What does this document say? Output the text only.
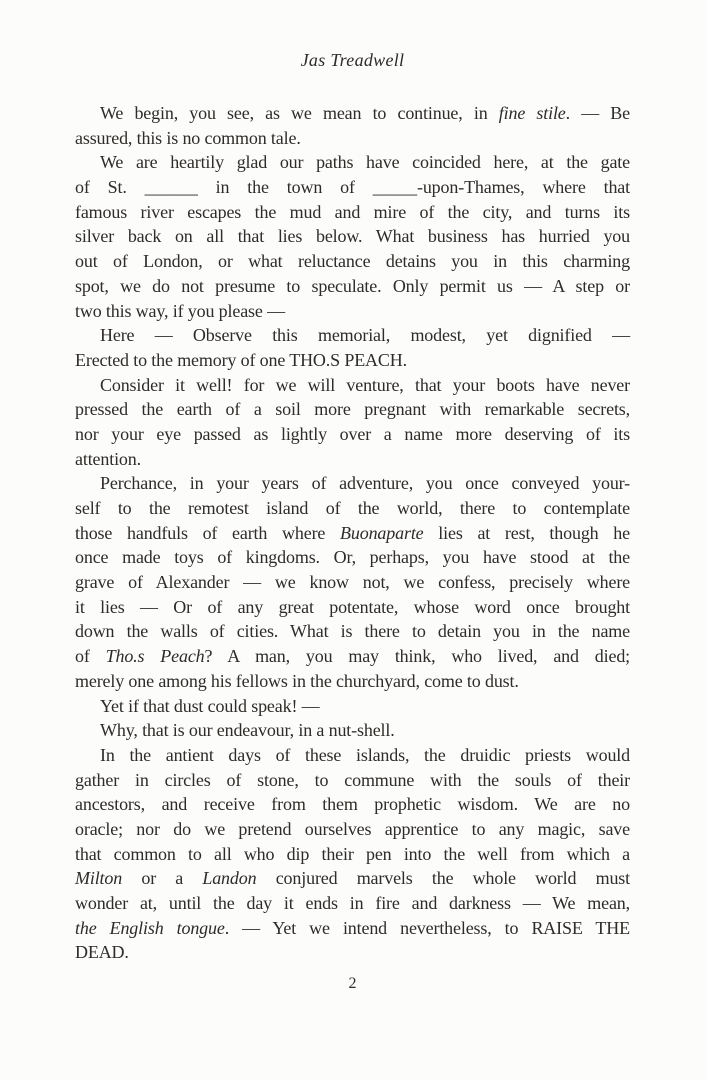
Jas Treadwell
We begin, you see, as we mean to continue, in fine stile. — Be
assured, this is no common tale.
We are heartily glad our paths have coincided here, at the gate
of St. ______ in the town of _____-upon-Thames, where that
famous river escapes the mud and mire of the city, and turns its
silver back on all that lies below. What business has hurried you
out of London, or what reluctance detains you in this charming
spot, we do not presume to speculate. Only permit us — A step or
two this way, if you please —
Here — Observe this memorial, modest, yet dignified —
Erected to the memory of one THO.S PEACH.
Consider it well! for we will venture, that your boots have never
pressed the earth of a soil more pregnant with remarkable secrets,
nor your eye passed as lightly over a name more deserving of its
attention.
Perchance, in your years of adventure, you once conveyed your-
self to the remotest island of the world, there to contemplate
those handfuls of earth where Buonaparte lies at rest, though he
once made toys of kingdoms. Or, perhaps, you have stood at the
grave of Alexander — we know not, we confess, precisely where
it lies — Or of any great potentate, whose word once brought
down the walls of cities. What is there to detain you in the name
of Tho.s Peach? A man, you may think, who lived, and died;
merely one among his fellows in the churchyard, come to dust.
Yet if that dust could speak! —
Why, that is our endeavour, in a nut-shell.
In the antient days of these islands, the druidic priests would
gather in circles of stone, to commune with the souls of their
ancestors, and receive from them prophetic wisdom. We are no
oracle; nor do we pretend ourselves apprentice to any magic, save
that common to all who dip their pen into the well from which a
Milton or a Landon conjured marvels the whole world must
wonder at, until the day it ends in fire and darkness — We mean,
the English tongue. — Yet we intend nevertheless, to RAISE THE
DEAD.
2
